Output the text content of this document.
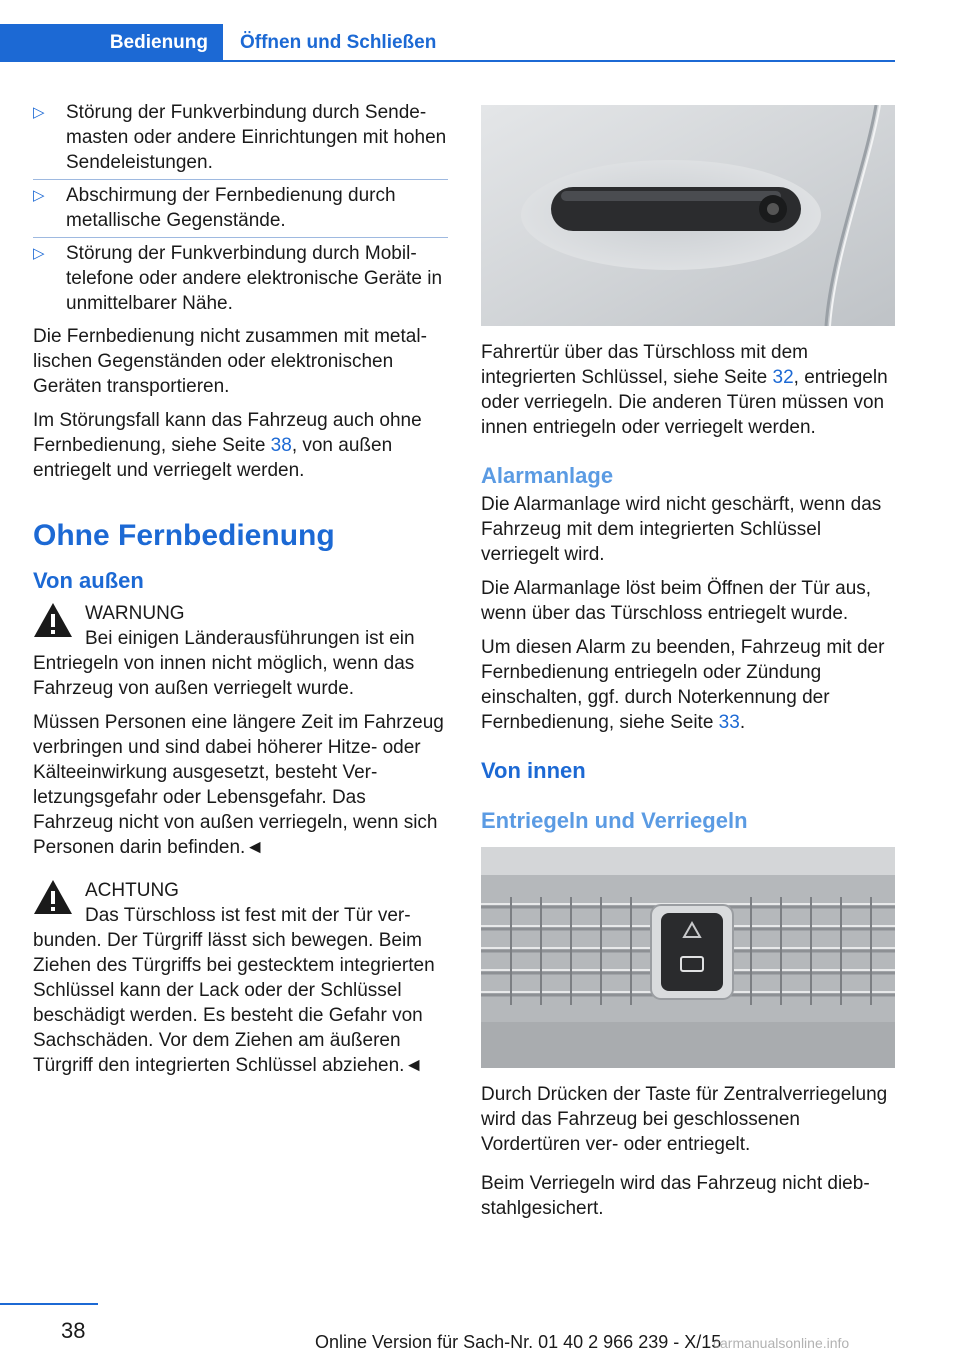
Bedienung	Öffnen und Schließen
▷ Störung der Funkverbindung durch Sendemasten oder andere Einrichtungen mit hohen Sendeleistungen.
▷ Abschirmung der Fernbedienung durch metallische Gegenstände.
▷ Störung der Funkverbindung durch Mobiltelefone oder andere elektronische Geräte in unmittelbarer Nähe.

Die Fernbedienung nicht zusammen mit metallischen Gegenständen oder elektronischen Geräten transportieren.

Im Störungsfall kann das Fahrzeug auch ohne Fernbedienung, siehe Seite 38, von außen entriegelt und verriegelt werden.

Ohne Fernbedienung
Von außen
WARNUNG
Bei einigen Länderausführungen ist ein
Entriegeln von innen nicht möglich, wenn das Fahrzeug von außen verriegelt wurde.

Müssen Personen eine längere Zeit im Fahrzeug verbringen und sind dabei höherer Hitze- oder Kälteeinwirkung ausgesetzt, besteht Verletzungsgefahr oder Lebensgefahr. Das Fahrzeug nicht von außen verriegeln, wenn sich Personen darin befinden.◄

ACHTUNG
Das Türschloss ist fest mit der Tür ver-
bunden. Der Türgriff lässt sich bewegen. Beim Ziehen des Türgriffs bei gestecktem integrierten Schlüssel kann der Lack oder der Schlüssel beschädigt werden. Es besteht die Gefahr von Sachschäden. Vor dem Ziehen am äußeren Türgriff den integrierten Schlüssel abziehen.◄

Fahrertür über das Türschloss mit dem integrierten Schlüssel, siehe Seite 32, entriegeln oder verriegeln. Die anderen Türen müssen von innen entriegeln oder verriegelt werden.

Alarmanlage

Die Alarmanlage wird nicht geschärft, wenn das Fahrzeug mit dem integrierten Schlüssel verriegelt wird.

Die Alarmanlage löst beim Öffnen der Tür aus, wenn über das Türschloss entriegelt wurde.

Um diesen Alarm zu beenden, Fahrzeug mit der Fernbedienung entriegeln oder Zündung einschalten, ggf. durch Noterkennung der Fernbedienung, siehe Seite 33.

Von innen
Entriegeln und Verriegeln

Durch Drücken der Taste für Zentralverriegelung wird das Fahrzeug bei geschlossenen Vordertüren ver- oder entriegelt.

Beim Verriegeln wird das Fahrzeug nicht diebstahlgesichert.

38	Online Version für Sach-Nr. 01 40 2 966 239 - X/15
carmanualsonline.info
